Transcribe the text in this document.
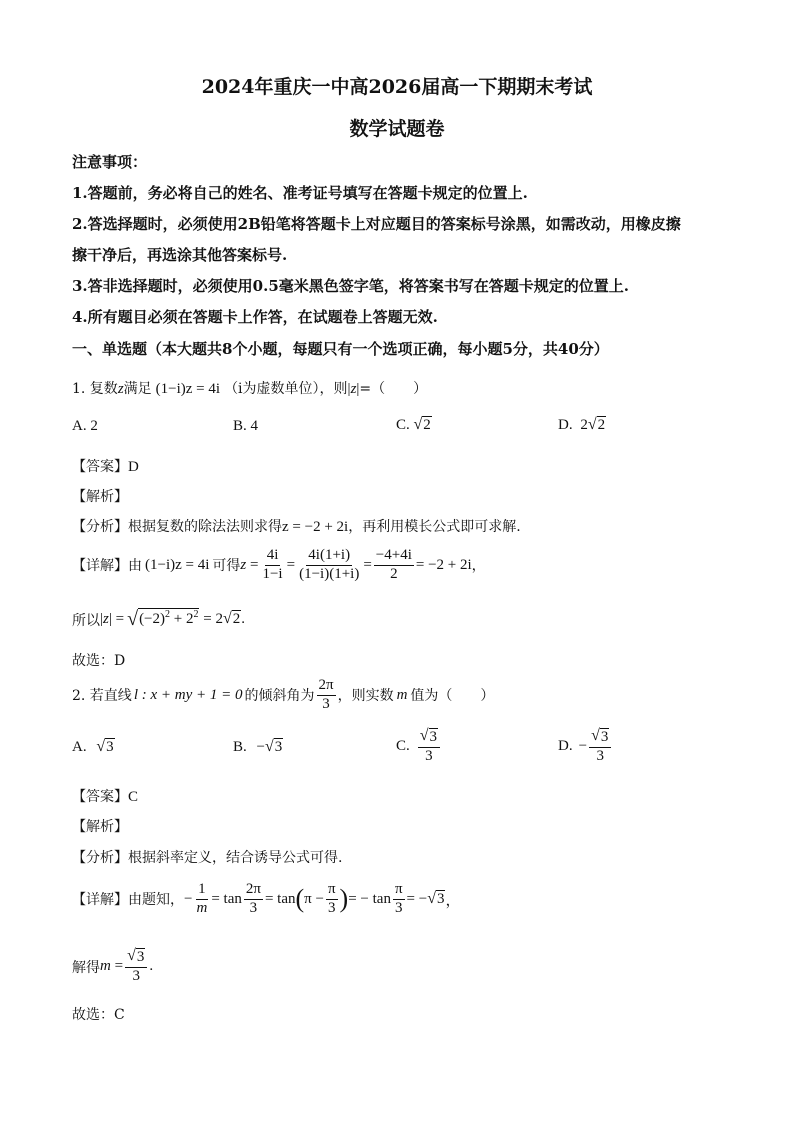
2024年重庆一中高2026届高一下期期末考试
数学试题卷
注意事项：
1.答题前，务必将自己的姓名、准考证号填写在答题卡规定的位置上.
2.答选择题时，必须使用2B铅笔将答题卡上对应题目的答案标号涂黑，如需改动，用橡皮擦
擦干净后，再选涂其他答案标号.
3.答非选择题时，必须使用0.5毫米黑色签字笔，将答案书写在答题卡规定的位置上.
4.所有题目必须在答题卡上作答，在试题卷上答题无效.
一、单选题（本大题共8个小题，每题只有一个选项正确，每小题5分，共40分）
1. 复数z满足 (1−i)z = 4i （i为虚数单位），则|z|=（　　）
A. 2	B. 4	C. √ 2	D. 2 √ 2
【答案】D
【解析】
【分析】根据复数的除法法则求得z = −2 + 2i，再利用模长公式即可求解.
【详解】 由 (1−i)z = 4i 可得 $z = \frac{4i}{1-i} = \frac{4i(1+i)}{(1-i)(1+i)} = \frac{-4+4i}{2} = -2 + 2i$ ，
所以 | z | = √ $(-2)^2 + 2^2 = 2$ √ 2 .
故选：D
2. 若直线 l : x + my + 1 = 0 的倾斜角为 $\frac{2\pi}{3}$ ，则实数 m 值为（　　）
A. √ 3	B. − √ 3	C. $\frac{√ 3}{3}$	D. − $\frac{√ 3}{3}$
【答案】C
【解析】
【分析】根据斜率定义，结合诱导公式可得.
【详解】 由题知， − $\frac{1}{m} = \tan \frac{2\pi}{3} = \tan$ ( $\pi - \frac{\pi}{3}$ ) = − $\tan \frac{\pi}{3}$ = − √ 3 ，
解得 $m = \frac{√ 3}{3}$ .
故选：C
